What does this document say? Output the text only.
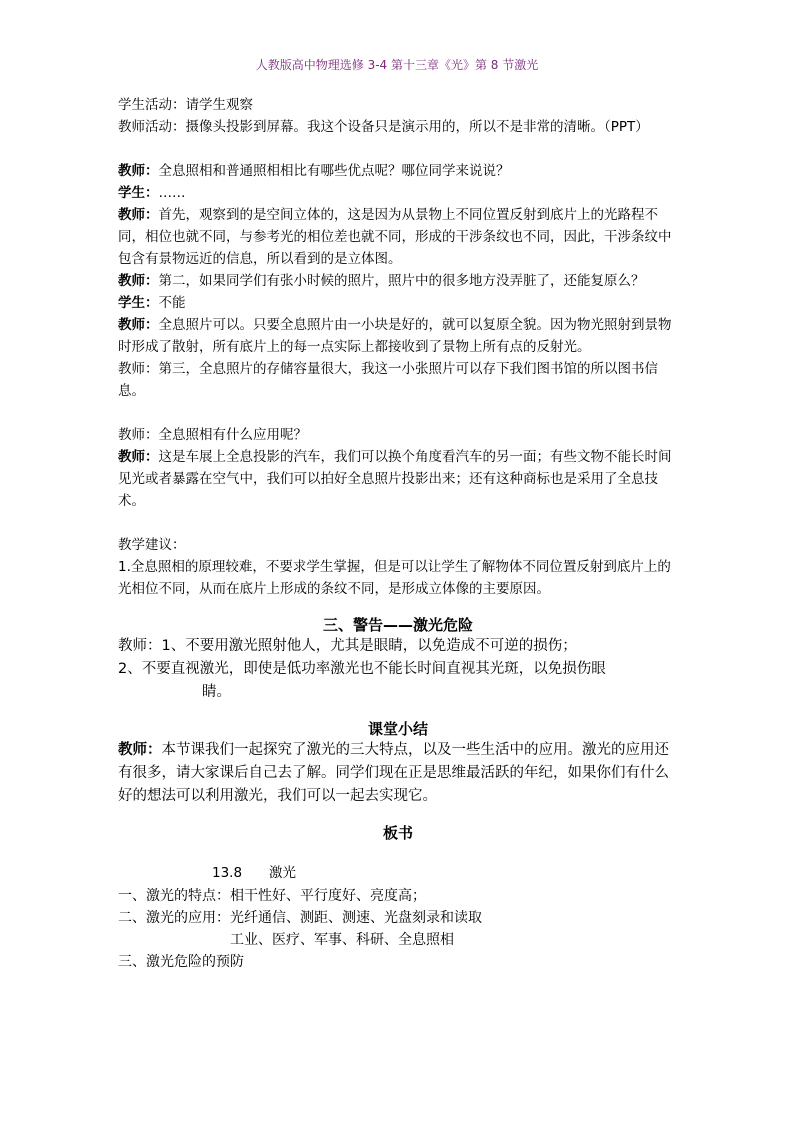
人教版高中物理选修 3-4 第十三章《光》第 8 节激光

学生活动：请学生观察

教师活动：摄像头投影到屏幕。我这个设备只是演示用的，所以不是非常的清晰。（PPT）

教师：全息照相和普通照相相比有哪些优点呢？哪位同学来说说？

学生：……

教师：首先，观察到的是空间立体的，这是因为从景物上不同位置反射到底片上的光路程不同，相位也就不同，与参考光的相位差也就不同，形成的干涉条纹也不同，因此，干涉条纹中包含有景物远近的信息，所以看到的是立体图。

教师：第二，如果同学们有张小时候的照片，照片中的很多地方没弄脏了，还能复原么？

学生：不能

教师：全息照片可以。只要全息照片由一小块是好的，就可以复原全貌。因为物光照射到景物时形成了散射，所有底片上的每一点实际上都接收到了景物上所有点的反射光。

教师：第三，全息照片的存储容量很大，我这一小张照片可以存下我们图书馆的所以图书信息。

教师：全息照相有什么应用呢？

教师：这是车展上全息投影的汽车，我们可以换个角度看汽车的另一面；有些文物不能长时间见光或者暴露在空气中，我们可以拍好全息照片投影出来；还有这种商标也是采用了全息技术。

教学建议：

1.全息照相的原理较难，不要求学生掌握，但是可以让学生了解物体不同位置反射到底片上的光相位不同，从而在底片上形成的条纹不同，是形成立体像的主要原因。

三、警告——激光危险

教师：1、不要用激光照射他人，尤其是眼睛，以免造成不可逆的损伤；

2、不要直视激光，即使是低功率激光也不能长时间直视其光斑，以免损伤眼

睛。

课堂小结

教师：本节课我们一起探究了激光的三大特点，以及一些生活中的应用。激光的应用还有很多，请大家课后自己去了解。同学们现在正是思维最活跃的年纪，如果你们有什么好的想法可以利用激光，我们可以一起去实现它。

板书

13.8　　激光

一、激光的特点：相干性好、平行度好、亮度高；

二、激光的应用：光纤通信、测距、测速、光盘刻录和读取

工业、医疗、军事、科研、全息照相

三、激光危险的预防
